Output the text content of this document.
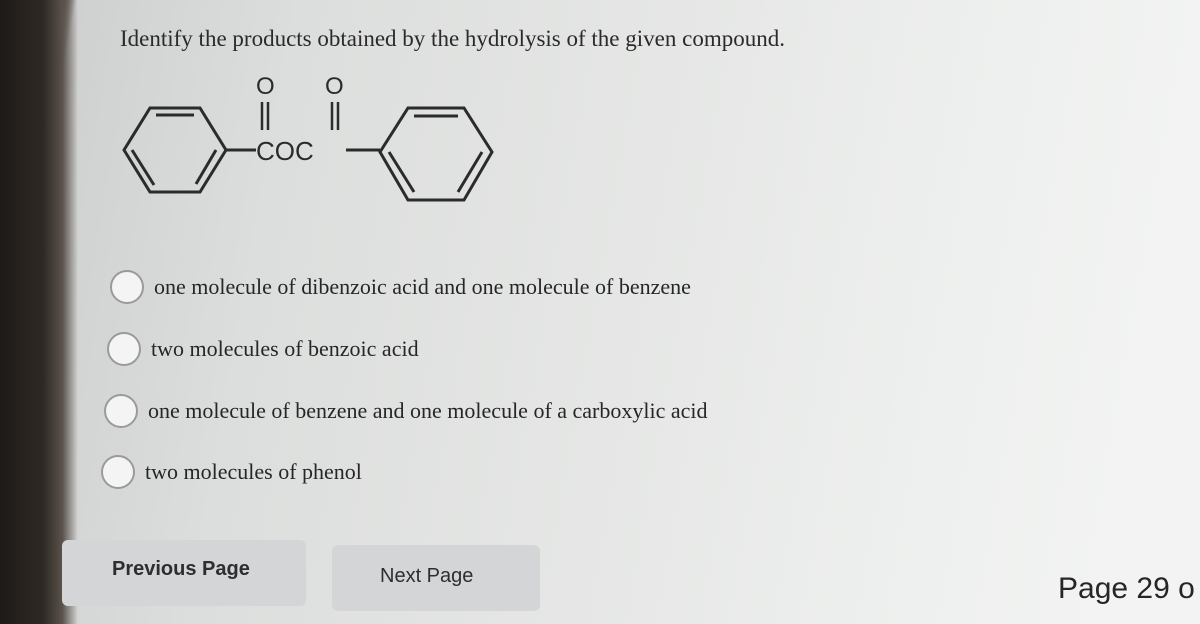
Identify the products obtained by the hydrolysis of the given compound.
O O
COC
one molecule of dibenzoic acid and one molecule of benzene
two molecules of benzoic acid
one molecule of benzene and one molecule of a carboxylic acid
two molecules of phenol
Previous Page	Next Page	Page 29 o
